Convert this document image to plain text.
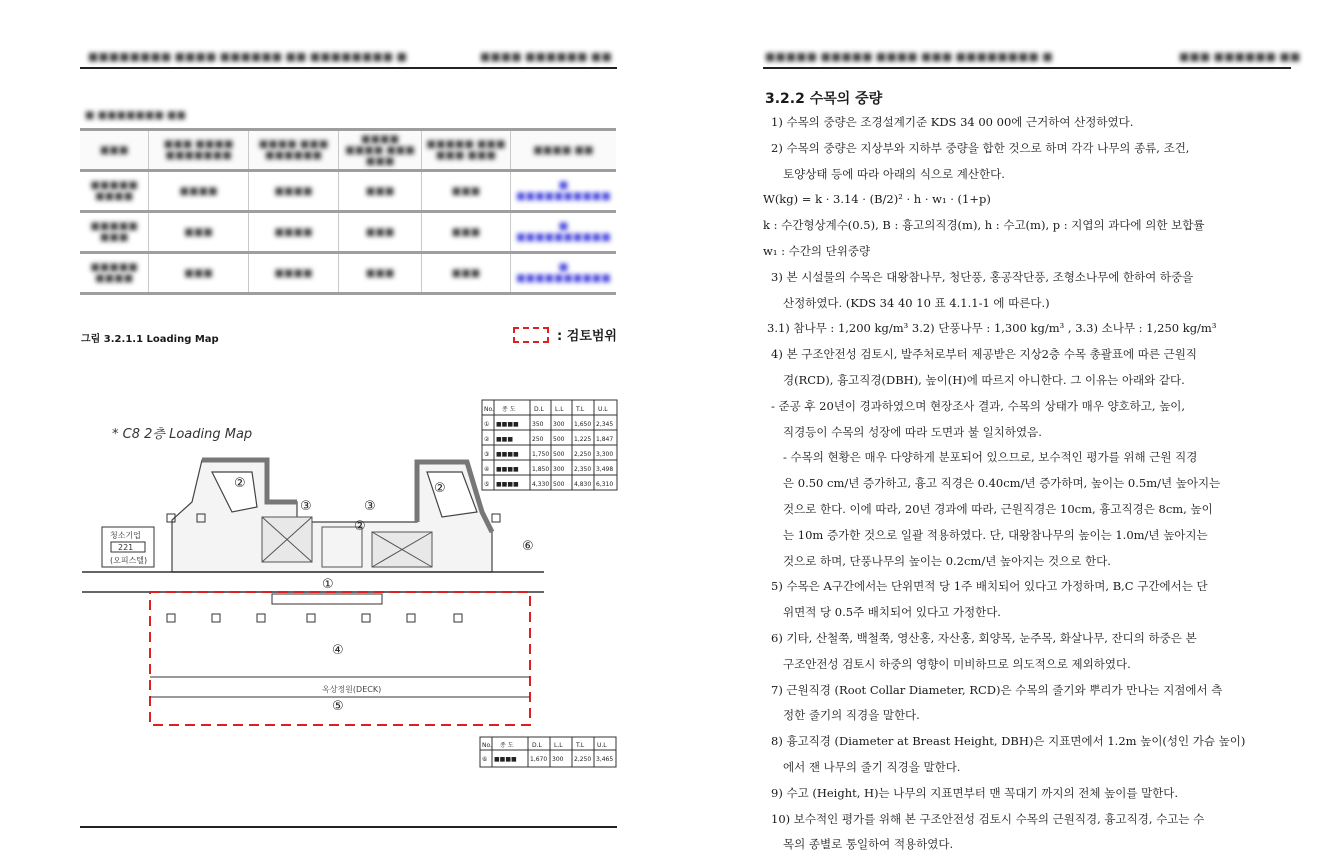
■■■■■■■■ ■■■■ ■■■■■■ ■■ ■■■■■■■■ ■	■■■■ ■■■■■■ ■■
■ ■■■■■■■ ■■
■■■	■■■ ■■■■ ■■■■■■■	■■■■ ■■■ ■■■■■■	■■■■ ■■■■ ■■■ ■■■	■■■■■ ■■■ ■■■ ■■■	■■■■ ■■
■■■■■ ■■■■	■■■■	■■■■	■■■	■■■	■ ■■■■■■■■■■
■■■■■ ■■■	■■■	■■■■	■■■	■■■	■ ■■■■■■■■■■
■■■■■ ■■■■	■■■	■■■■	■■■	■■■	■ ■■■■■■■■■■
그림 3.2.1.1 Loading Map	: 검토범위
* C8 2층 Loading Map
No. 종 도	D.L L.L T.L U.L
① ■■■■ 350 300 1,650 2,345
② ■■■	250 500 1,225 1,847
③ ■■■■ 1,750 500 2,250 3,300
④ ■■■■ 1,850 300 2,350 3,498
⑤ ■■■■ 4,330 500 4,830 6,310
청소기업
221
(오피스텔)
②	②
③	③
②
①
④
⑤
⑥
옥상정원(DECK)
No. 종 도	D.L L.L T.L U.L
⑥ ■■■■ 1,670 300 2,250 3,465
■■■■■ ■■■■■ ■■■■ ■■■ ■■■■■■■■ ■	■■■ ■■■■■■ ■■
3.2.2 수목의 중량

1) 수목의 중량은 조경설계기준 KDS 34 00 00에 근거하여 산정하였다.

2) 수목의 중량은 지상부와 지하부 중량을 합한 것으로 하며 각각 나무의 종류, 조건,

토양상태 등에 따라 아래의 식으로 계산한다.

W(kg) = k · 3.14 · (B/2)² · h · w₁ · (1+p)

k : 수간형상계수(0.5), B : 흉고의직경(m), h : 수고(m), p : 지엽의 과다에 의한 보합률

w₁ : 수간의 단위중량

3) 본 시설물의 수목은 대왕참나무, 청단풍, 홍공작단풍, 조형소나무에 한하여 하중을

산정하였다. (KDS 34 40 10 표 4.1.1-1 에 따른다.)

3.1) 참나무 : 1,200 kg/m³ 3.2) 단풍나무 : 1,300 kg/m³ , 3.3) 소나무 : 1,250 kg/m³

4) 본 구조안전성 검토시, 발주처로부터 제공받은 지상2층 수목 총괄표에 따른 근원직

경(RCD), 흉고직경(DBH), 높이(H)에 따르지 아니한다. 그 이유는 아래와 같다.

- 준공 후 20년이 경과하였으며 현장조사 결과, 수목의 상태가 매우 양호하고, 높이,

직경등이 수목의 성장에 따라 도면과 불 일치하였음.

- 수목의 현황은 매우 다양하게 분포되어 있으므로, 보수적인 평가를 위해 근원 직경

은 0.50 cm/년 증가하고, 흉고 직경은 0.40cm/년 증가하며, 높이는 0.5m/년 높아지는

것으로 한다. 이에 따라, 20년 경과에 따라, 근원직경은 10cm, 흉고직경은 8cm, 높이

는 10m 증가한 것으로 일괄 적용하였다. 단, 대왕참나무의 높이는 1.0m/년 높아지는

것으로 하며, 단풍나무의 높이는 0.2cm/년 높아지는 것으로 한다.

5) 수목은 A구간에서는 단위면적 당 1주 배치되어 있다고 가정하며, B,C 구간에서는 단

위면적 당 0.5주 배치되어 있다고 가정한다.

6) 기타, 산철쭉, 백철쭉, 영산홍, 자산홍, 회양목, 눈주목, 화살나무, 잔디의 하중은 본

구조안전성 검토시 하중의 영향이 미비하므로 의도적으로 제외하였다.

7) 근원직경 (Root Collar Diameter, RCD)은 수목의 줄기와 뿌리가 만나는 지점에서 측

정한 줄기의 직경을 말한다.

8) 흉고직경 (Diameter at Breast Height, DBH)은 지표면에서 1.2m 높이(성인 가슴 높이)

에서 잰 나무의 줄기 직경을 말한다.

9) 수고 (Height, H)는 나무의 지표면부터 맨 꼭대기 까지의 전체 높이를 말한다.

10) 보수적인 평가를 위해 본 구조안전성 검토시 수목의 근원직경, 흉고직경, 수고는 수

목의 종별로 통일하여 적용하였다.
